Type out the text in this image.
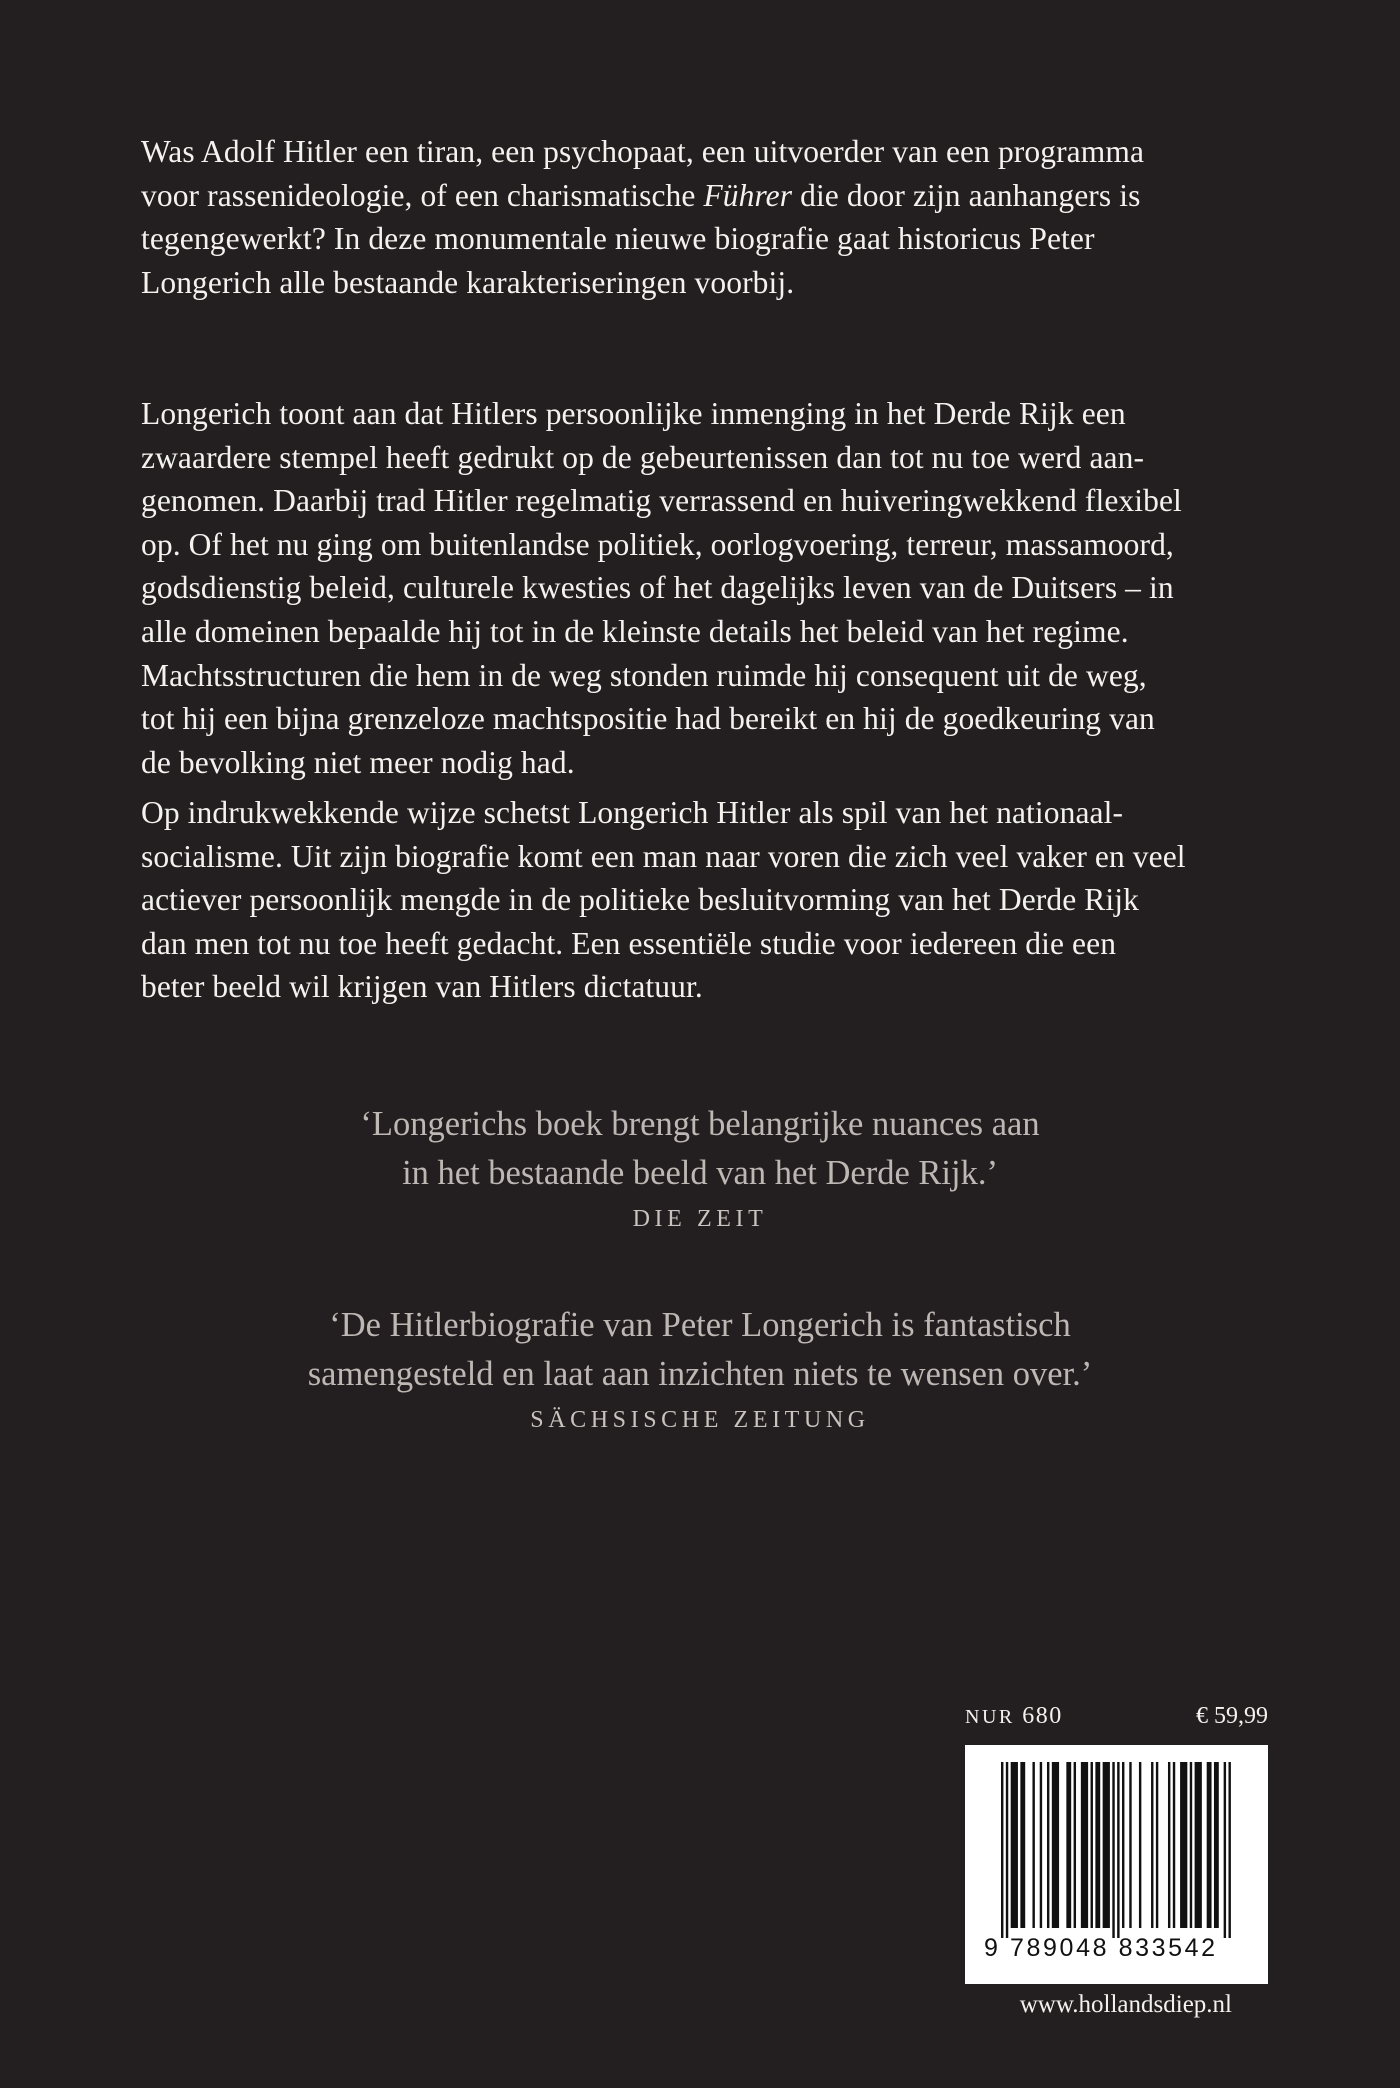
Was Adolf Hitler een tiran, een psychopaat, een uitvoerder van een programma
voor rassenideologie, of een charismatische Führer die door zijn aanhangers is
tegengewerkt? In deze monumentale nieuwe biografie gaat historicus Peter
Longerich alle bestaande karakteriseringen voorbij.

Longerich toont aan dat Hitlers persoonlijke inmenging in het Derde Rijk een
zwaardere stempel heeft gedrukt op de gebeurtenissen dan tot nu toe werd aan-
genomen. Daarbij trad Hitler regelmatig verrassend en huiveringwekkend flexibel
op. Of het nu ging om buitenlandse politiek, oorlogvoering, terreur, massamoord,
godsdienstig beleid, culturele kwesties of het dagelijks leven van de Duitsers – in
alle domeinen bepaalde hij tot in de kleinste details het beleid van het regime.
Machtsstructuren die hem in de weg stonden ruimde hij consequent uit de weg,
tot hij een bijna grenzeloze machtspositie had bereikt en hij de goedkeuring van
de bevolking niet meer nodig had.

Op indrukwekkende wijze schetst Longerich Hitler als spil van het nationaal-
socialisme. Uit zijn biografie komt een man naar voren die zich veel vaker en veel
actiever persoonlijk mengde in de politieke besluitvorming van het Derde Rijk
dan men tot nu toe heeft gedacht. Een essentiële studie voor iedereen die een
beter beeld wil krijgen van Hitlers dictatuur.

‘Longerichs boek brengt belangrijke nuances aan
in het bestaande beeld van het Derde Rijk.’

DIE ZEIT

‘De Hitlerbiografie van Peter Longerich is fantastisch
samengesteld en laat aan inzichten niets te wensen over.’

SÄCHSISCHE ZEITUNG

NUR 680	€ 59,99
9 789048 833542
www.hollandsdiep.nl
